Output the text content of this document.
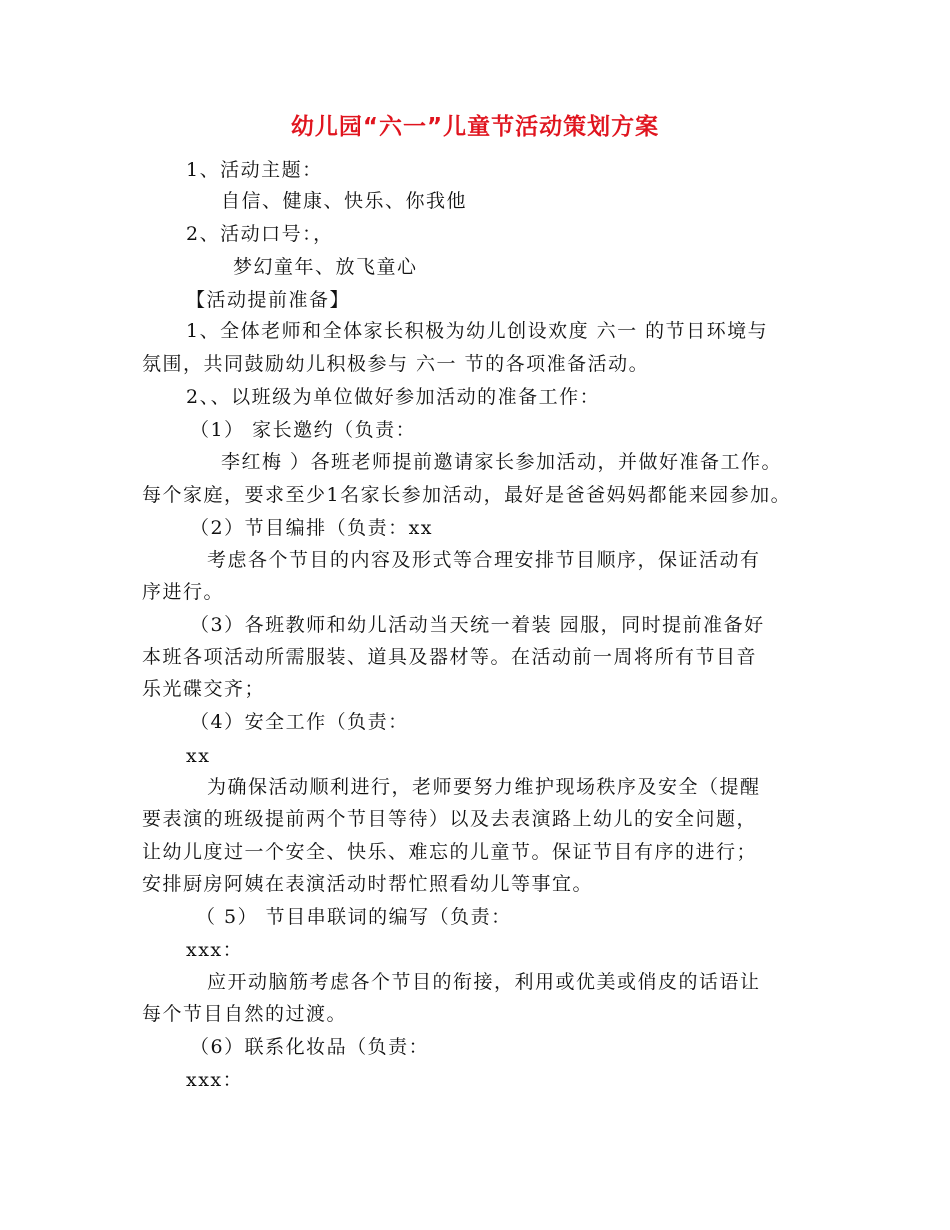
幼儿园“六一”儿童节活动策划方案
1、活动主题：
自信、健康、快乐、你我他
2、活动口号：，
梦幻童年、放飞童心
【活动提前准备】
1、全体老师和全体家长积极为幼儿创设欢度 六一 的节日环境与
氛围，共同鼓励幼儿积极参与 六一 节的各项准备活动。
2、、以班级为单位做好参加活动的准备工作：
（1） 家长邀约（负责：
李红梅 ）各班老师提前邀请家长参加活动，并做好准备工作。
每个家庭，要求至少1名家长参加活动，最好是爸爸妈妈都能来园参加。
（2）节目编排（负责：xx
考虑各个节目的内容及形式等合理安排节目顺序，保证活动有
序进行。
（3）各班教师和幼儿活动当天统一着装 园服，同时提前准备好
本班各项活动所需服装、道具及器材等。在活动前一周将所有节目音
乐光碟交齐；
（4）安全工作（负责：
xx
为确保活动顺利进行，老师要努力维护现场秩序及安全（提醒
要表演的班级提前两个节目等待）以及去表演路上幼儿的安全问题，
让幼儿度过一个安全、快乐、难忘的儿童节。保证节目有序的进行；
安排厨房阿姨在表演活动时帮忙照看幼儿等事宜。
（ 5） 节目串联词的编写（负责：
xxx：
应开动脑筋考虑各个节目的衔接，利用或优美或俏皮的话语让
每个节目自然的过渡。
（6）联系化妆品（负责：
xxx：
